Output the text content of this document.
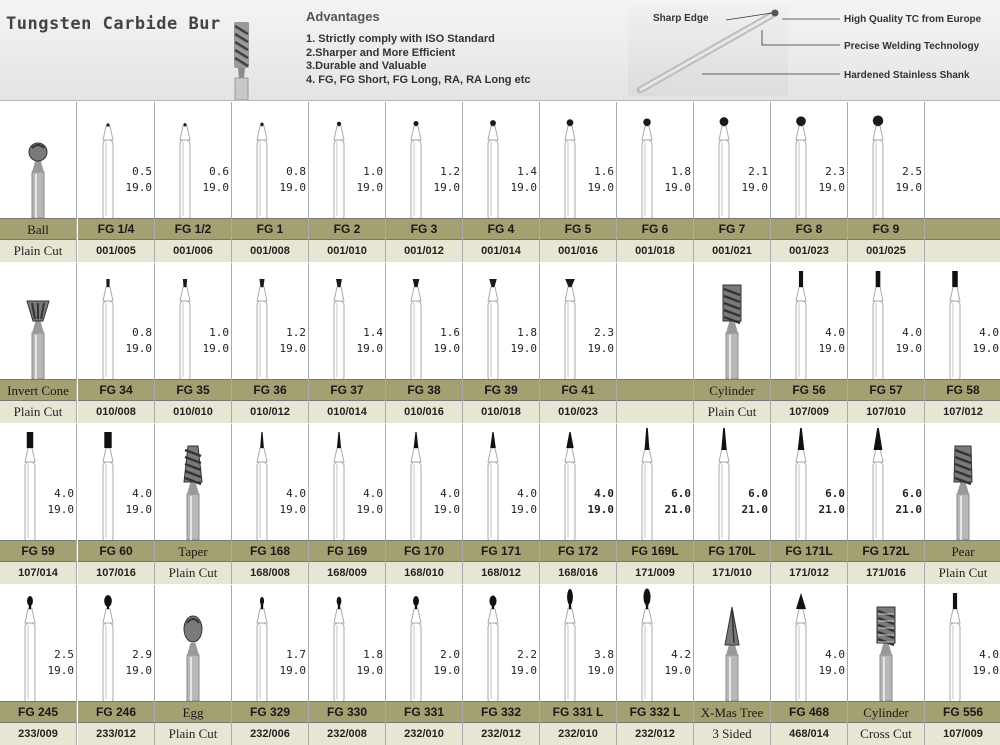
Tungsten Carbide Bur	Advantages
1. Strictly comply with ISO Standard
2.Sharper and More Efficient
3.Durable and Valuable
4. FG, FG Short, FG Long, RA, RA Long etc
Sharp Edge	High Quality TC from Europe
Precise Welding Technology
Hardened Stainless Shank
Ball
Plain Cut
0.5
19.0
FG 1/4
001/005
0.6
19.0
FG 1/2
001/006
0.8
19.0
FG 1
001/008
1.0
19.0
FG 2
001/010
1.2
19.0
FG 3
001/012
1.4
19.0
FG 4
001/014
1.6
19.0
FG 5
001/016
1.8
19.0
FG 6
001/018
2.1
19.0
FG 7
001/021
2.3
19.0
FG 8
001/023
2.5
19.0
FG 9
001/025
Invert Cone
Plain Cut
0.8
19.0
FG 34
010/008
1.0
19.0
FG 35
010/010
1.2
19.0
FG 36
010/012
1.4
19.0
FG 37
010/014
1.6
19.0
FG 38
010/016
1.8
19.0
FG 39
010/018
2.3
19.0
FG 41
010/023
Cylinder
Plain Cut
4.0
19.0
FG 56
107/009
4.0
19.0
FG 57
107/010
4.0
19.0
FG 58
107/012
4.0
19.0
FG 59
107/014
4.0
19.0
FG 60
107/016
Taper
Plain Cut
4.0
19.0
FG 168
168/008
4.0
19.0
FG 169
168/009
4.0
19.0
FG 170
168/010
4.0
19.0
FG 171
168/012
4.0
19.0
FG 172
168/016
6.0
21.0
FG 169L
171/009
6.0
21.0
FG 170L
171/010
6.0
21.0
FG 171L
171/012
6.0
21.0
FG 172L
171/016
Pear
Plain Cut
2.5
19.0
FG 245
233/009
2.9
19.0
FG 246
233/012
Egg
Plain Cut
1.7
19.0
FG 329
232/006
1.8
19.0
FG 330
232/008
2.0
19.0
FG 331
232/010
2.2
19.0
FG 332
232/012
3.8
19.0
FG 331 L
232/010
4.2
19.0
FG 332 L
232/012
X-Mas Tree
3 Sided
4.0
19.0
FG 468
468/014
Cylinder
Cross Cut
4.0
19.0
FG 556
107/009
